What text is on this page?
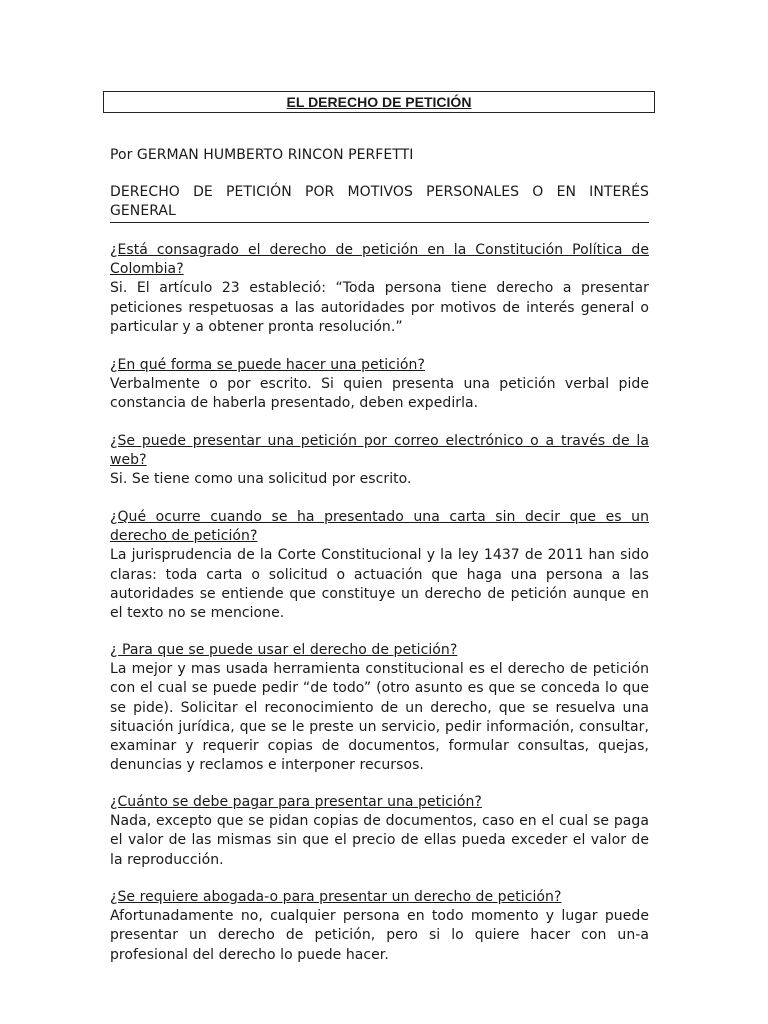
EL DERECHO DE PETICIÓN
Por GERMAN HUMBERTO RINCON PERFETTI
DERECHO DE PETICIÓN POR MOTIVOS PERSONALES O EN INTERÉS GENERAL
¿Está consagrado el derecho de petición en la Constitución Política de Colombia?
Si. El artículo 23 estableció: “Toda persona tiene derecho a presentar peticiones respetuosas a las autoridades por motivos de interés general o particular y a obtener pronta resolución.”
¿En qué forma se puede hacer una petición?
Verbalmente o por escrito. Si quien presenta una petición verbal pide constancia de haberla presentado, deben expedirla.
¿Se puede presentar una petición por correo electrónico o a través de la web?
Si. Se tiene como una solicitud por escrito.
¿Qué ocurre cuando se ha presentado una carta sin decir que es un derecho de petición?
La jurisprudencia de la Corte Constitucional y la ley 1437 de 2011 han sido claras: toda carta o solicitud o actuación que haga una persona a las autoridades se entiende que constituye un derecho de petición aunque en el texto no se mencione.
¿ Para que se puede usar el derecho de petición?
La mejor y mas usada herramienta constitucional es el derecho de petición con el cual se puede pedir “de todo” (otro asunto es que se conceda lo que se pide). Solicitar el reconocimiento de un derecho, que se resuelva una situación jurídica, que se le preste un servicio, pedir información, consultar, examinar y requerir copias de documentos, formular consultas, quejas, denuncias y reclamos e interponer recursos.
¿Cuánto se debe pagar para presentar una petición?
Nada, excepto que se pidan copias de documentos, caso en el cual se paga el valor de las mismas sin que el precio de ellas pueda exceder el valor de la reproducción.
¿Se requiere abogada-o para presentar un derecho de petición?
Afortunadamente no, cualquier persona en todo momento y lugar puede presentar un derecho de petición, pero si lo quiere hacer con un-a profesional del derecho lo puede hacer.
